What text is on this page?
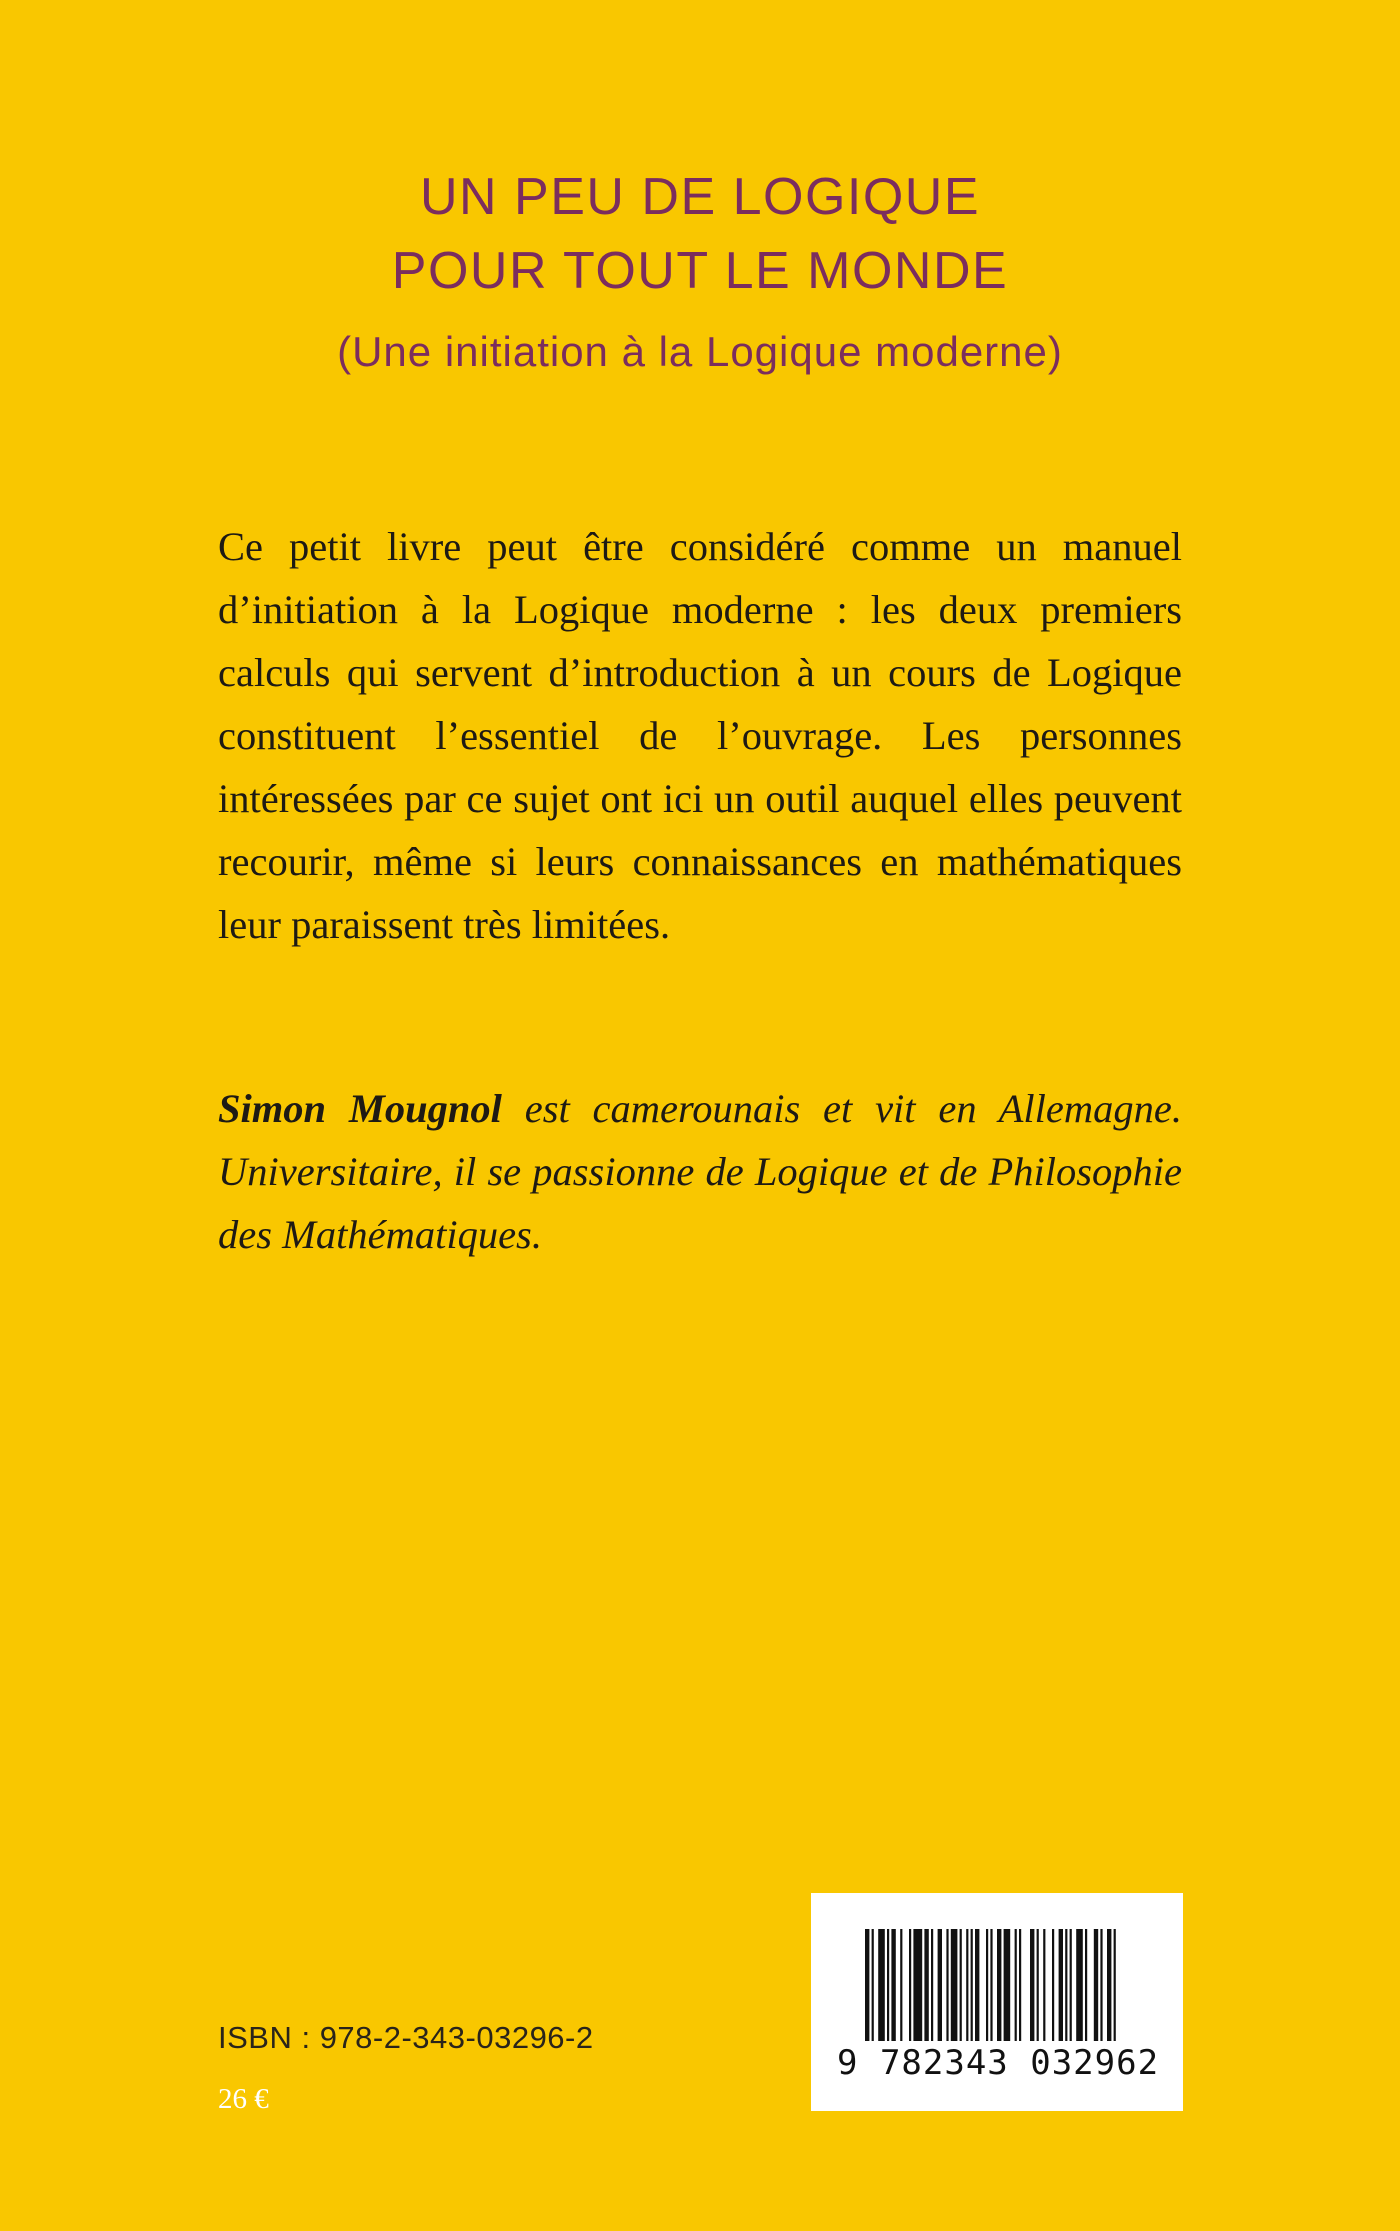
UN PEU DE LOGIQUE
POUR TOUT LE MONDE
(Une initiation à la Logique moderne)
Ce petit livre peut être considéré comme un manuel d’initiation à la Logique moderne : les deux premiers calculs qui servent d’introduction à un cours de Logique constituent l’essentiel de l’ouvrage. Les personnes intéressées par ce sujet ont ici un outil auquel elles peuvent recourir, même si leurs connaissances en mathématiques leur paraissent très limitées.
Simon Mougnol est camerounais et vit en Allemagne. Universitaire, il se passionne de Logique et de Philosophie des Mathématiques.
ISBN : 978-2-343-03296-2
26 €
9 782343 032962
